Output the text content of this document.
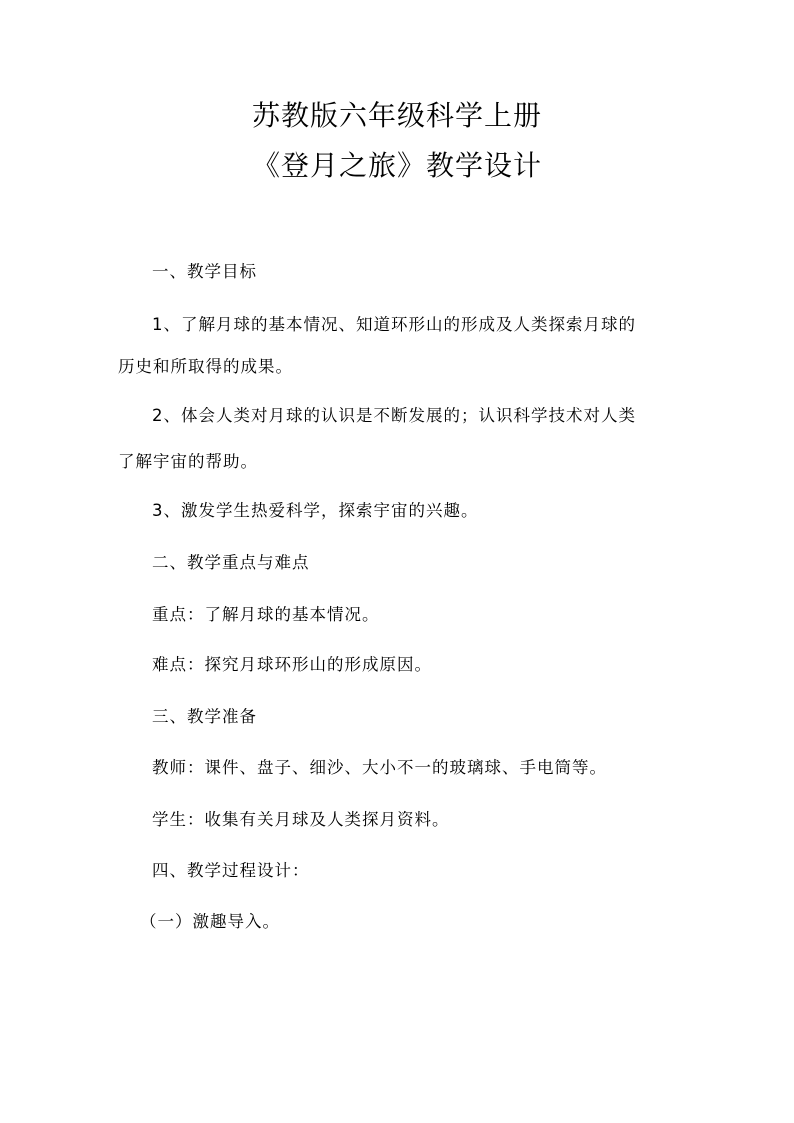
苏教版六年级科学上册
《登月之旅》教学设计
一、教学目标
1、了解月球的基本情况、知道环形山的形成及人类探索月球的
历史和所取得的成果。
2、体会人类对月球的认识是不断发展的；认识科学技术对人类
了解宇宙的帮助。
3、激发学生热爱科学，探索宇宙的兴趣。
二、教学重点与难点
重点：了解月球的基本情况。
难点：探究月球环形山的形成原因。
三、教学准备
教师：课件、盘子、细沙、大小不一的玻璃球、手电筒等。
学生：收集有关月球及人类探月资料。
四、教学过程设计：
（一）激趣导入。
